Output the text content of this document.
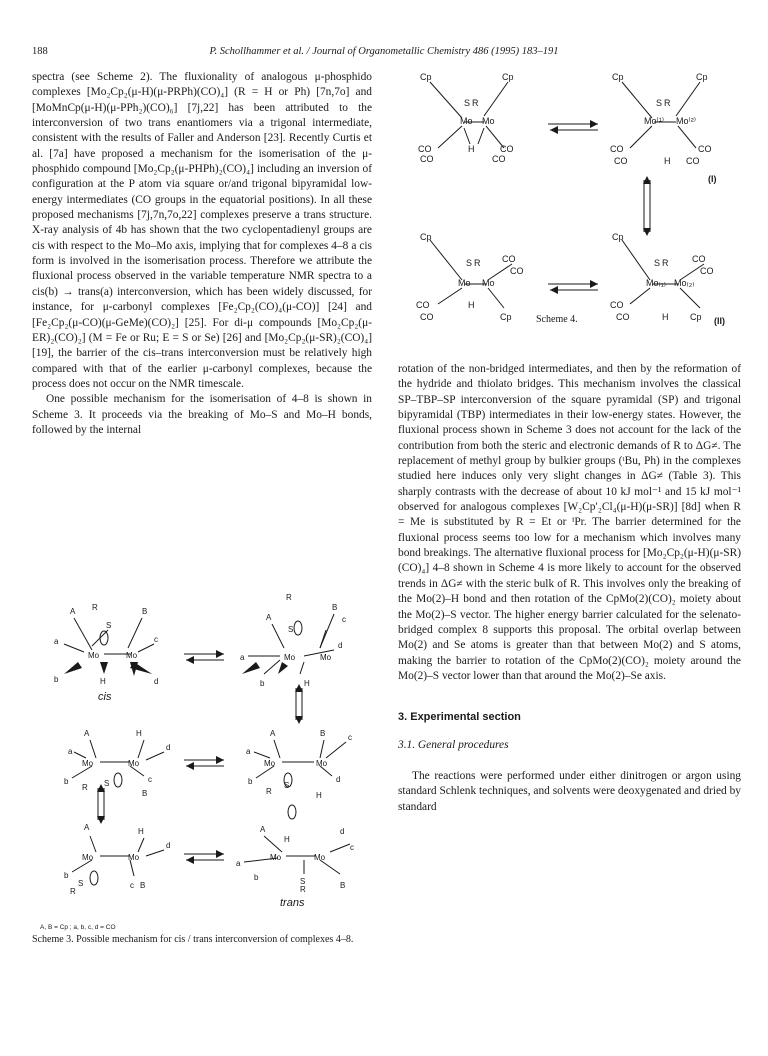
188	P. Schollhammer et al. / Journal of Organometallic Chemistry 486 (1995) 183–191

spectra (see Scheme 2). The fluxionality of analogous μ-phosphido complexes [Mo₂Cp₂(μ-H)(μ-PRPh)(CO)₄] (R = H or Ph) [7n,7o] and [MoMnCp(μ-H)(μ-PPh₂)(CO)₆] [7j,22] has been attributed to the interconversion of two trans enantiomers via a trigonal intermediate, consistent with the results of Faller and Anderson [23]. Recently Curtis et al. [7a] have proposed a mechanism for the isomerisation of the μ-phosphido compound [Mo₂Cp₂(μ-PHPh)₂(CO)₄] including an inversion of configuration at the P atom via square or/and trigonal bipyramidal low-energy intermediates (CO groups in the equatorial positions). In all these proposed mechanisms [7j,7n,7o,22] complexes preserve a trans structure. X-ray analysis of 4b has shown that the two cyclopentadienyl groups are cis with respect to the Mo–Mo axis, implying that for complexes 4–8 a cis form is involved in the isomerisation process. Therefore we attribute the fluxional process observed in the variable temperature NMR spectra to a cis(b) → trans(a) interconversion, which has been widely discussed, for instance, for μ-carbonyl complexes [Fe₂Cp₂(CO)₄(μ-CO)] [24] and [Fe₂Cp₂(μ-CO)(μ-GeMe)(CO)₂] [25]. For di-μ compounds [Mo₂Cp₂(μ-ER)₂(CO)₂] (M = Fe or Ru; E = S or Se) [26] and [Mo₂Cp₂(μ-SR)₂(CO)₄] [19], the barrier of the cis–trans interconversion must be relatively high compared with that of the earlier μ-carbonyl complexes, because the process does not occur on the NMR timescale.

One possible mechanism for the isomerisation of 4–8 is shown in Scheme 3. It proceeds via the breaking of Mo–S and Mo–H bonds, followed by the internal

Cp	Cp
S R
Mo Mo
CO
CO
H	CO
CO
Cp	Cp
S R
Mo⁽¹⁾ Mo⁽²⁾
CO
CO	H
CO
CO
Cp
S R CO
CO
Mo Mo
CO
CO
H
Cp
Cp
S R	CO
CO
Mo₍₁₎ Mo₍₂₎
CO
CO	H Cp
(I)
(II)
Scheme 4.
A R	B
S
a	c
Mo	Mo
b	H	d
R
A
S
B
c
a	Mo	Mo
d
b	H
A	H
a	d
Mo	Mo
b	c
R S
B
A	B
a
c
Mo	Mo
b	d
R
S
H
A	H
Mo	Mo
d
b
S
R
c B
A
H
d
c
a
Mo	Mo
b	S
R	B
cis
trans
A, B = Cp ; a, b, c, d = CO
Scheme 3. Possible mechanism for cis / trans interconversion of complexes 4–8.

rotation of the non-bridged intermediates, and then by the reformation of the hydride and thiolato bridges. This mechanism involves the classical SP–TBP–SP interconversion of the square pyramidal (SP) and trigonal bipyramidal (TBP) intermediates in their low-energy states. However, the fluxional process shown in Scheme 3 does not account for the lack of the contribution from both the steric and electronic demands of R to ΔG≠. The replacement of methyl group by bulkier groups (ᵗBu, Ph) in the complexes studied here induces only very slight changes in ΔG≠ (Table 3). This sharply contrasts with the decrease of about 10 kJ mol⁻¹ and 15 kJ mol⁻¹ observed for analogous complexes [W₂Cp′₂Cl₄(μ-H)(μ-SR)] [8d] when R = Me is substituted by R = Et or ⁱPr. The barrier determined for the fluxional process seems too low for a mechanism which involves many bond breakings. The alternative fluxional process for [Mo₂Cp₂(μ-H)(μ-SR)(CO)₄] 4–8 shown in Scheme 4 is more likely to account for the observed trends in ΔG≠ with the steric bulk of R. This involves only the breaking of the Mo(2)–H bond and then rotation of the CpMo(2)(CO)₂ moiety about the Mo(2)–S vector. The higher energy barrier calculated for the selenato-bridged complex 8 supports this proposal. The orbital overlap between Mo(2) and Se atoms is greater than that between Mo(2) and S atoms, making the barrier to rotation of the CpMo(2)(CO)₂ moiety around the Mo(2)–S vector lower than that around the Mo(2)–Se axis.

3. Experimental section

3.1. General procedures

The reactions were performed under either dinitrogen or argon using standard Schlenk techniques, and solvents were deoxygenated and dried by standard
